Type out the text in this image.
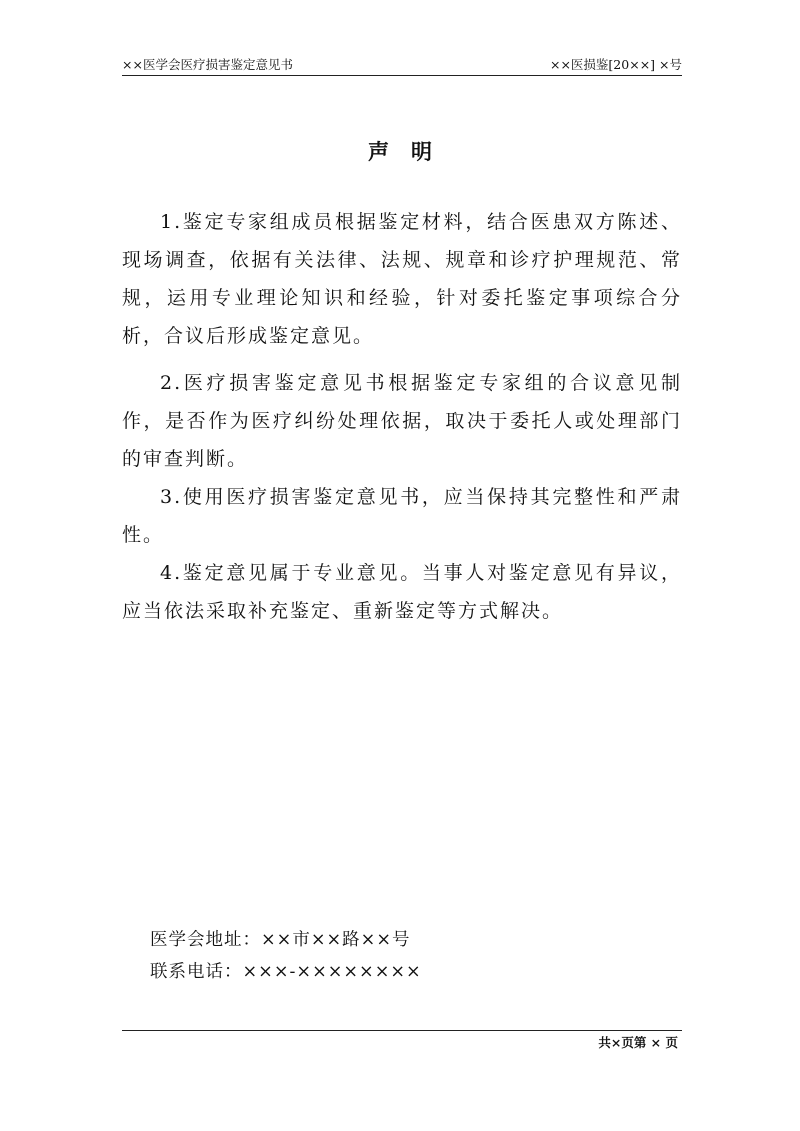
××医学会医疗损害鉴定意见书	××医损鉴[20××] ×号
声明

1.鉴定专家组成员根据鉴定材料，结合医患双方陈述、现场调查，依据有关法律、法规、规章和诊疗护理规范、常规，运用专业理论知识和经验，针对委托鉴定事项综合分析，合议后形成鉴定意见。

2.医疗损害鉴定意见书根据鉴定专家组的合议意见制作，是否作为医疗纠纷处理依据，取决于委托人或处理部门的审查判断。

3.使用医疗损害鉴定意见书，应当保持其完整性和严肃性。

4.鉴定意见属于专业意见。当事人对鉴定意见有异议，应当依法采取补充鉴定、重新鉴定等方式解决。

医学会地址：××市××路××号
联系电话：×××-××××××××
共×页第 × 页
